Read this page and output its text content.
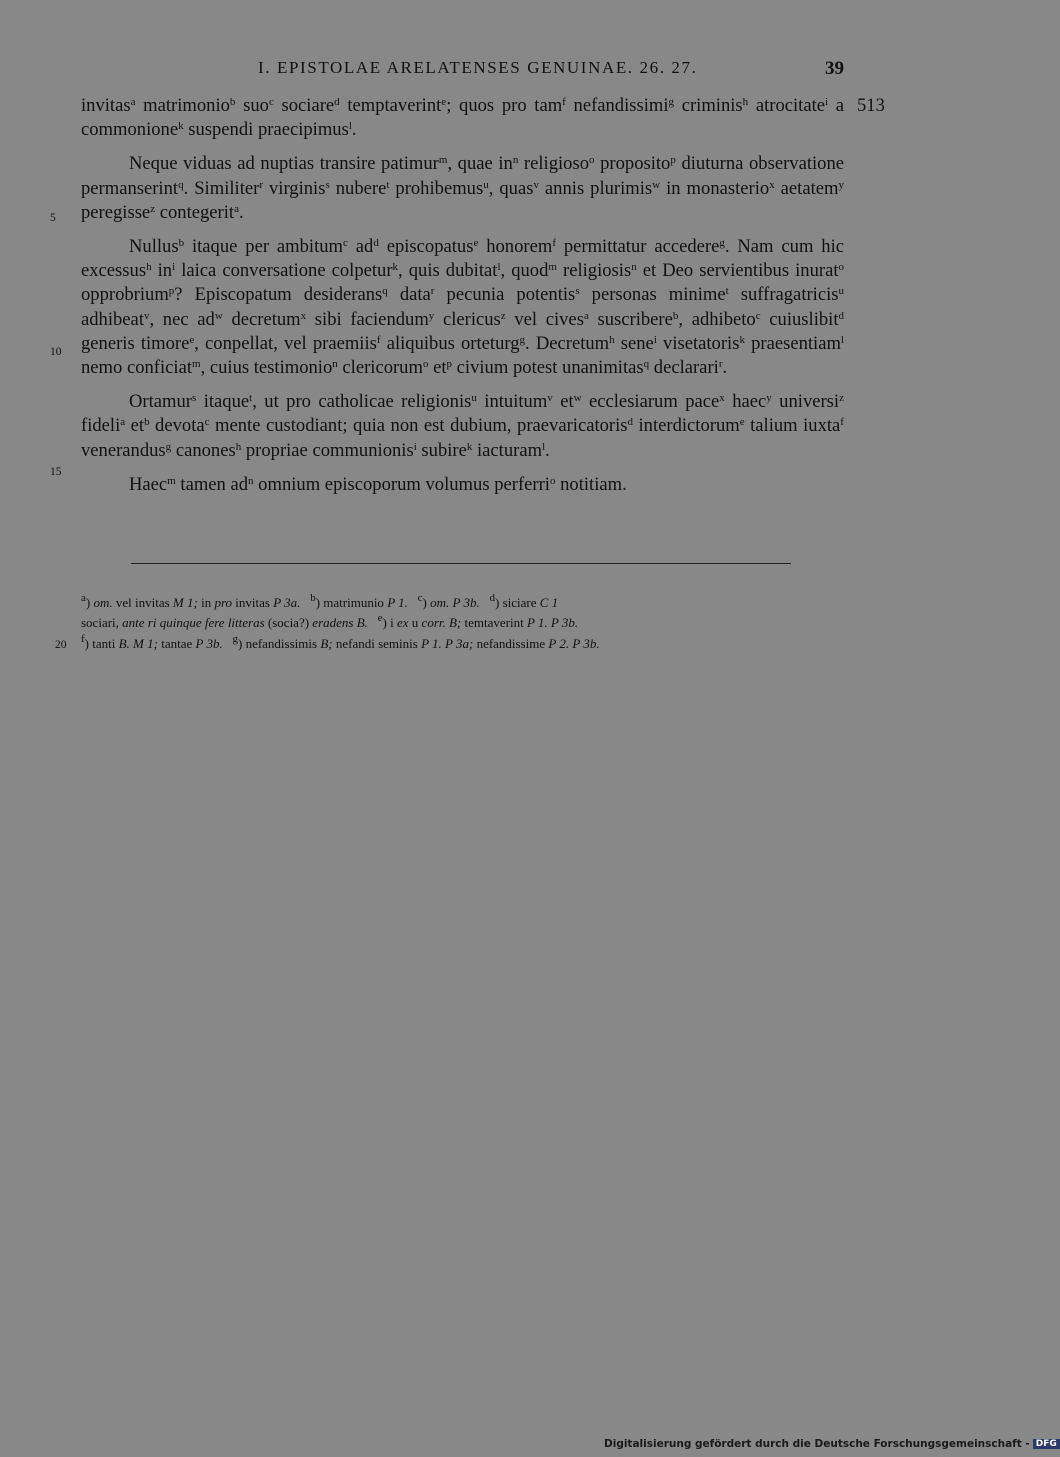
I. EPISTOLAE ARELATENSES GENUINAE. 26. 27.	39
513
5
10
15

invitas$^a$ matrimonio$^b$ suo$^c$ sociare$^d$ temptaverint$^e$; quos pro tam$^f$ nefandissimi$^g$ criminis$^h$ atrocitate$^i$ a commonione$^k$ suspendi praecipimus$^l$.

Neque viduas ad nuptias transire patimur$^m$, quae $in^n$ religioso$^o$ proposito$^p$ diuturna observatione permanserint$^q$. Similiter$^r$ virginis$^s$ nubere$^t$ prohibemus$^u$, quas$^v$ annis plurimis$^w$ in monasterio$^x$ aetatem$^y$ peregisse$^z$ contegerit$^a$.

Nullus$^b$ itaque per ambitum$^c$ $ad^d$ episcopatus$^e$ honorem$^f$ permittatur accedere$^g$. Nam cum hic excessus$^h$ $in^i$ laica conversatione colpetur$^k$, quis dubitat$^l$, quod$^m$ religiosis$^n$ et Deo servientibus inurat$^o$ opprobrium$^p$? Episcopatum desiderans$^q$ data$^r$ pecunia potentis$^s$ personas minime$^t$ suffragatricis$^u$ adhibeat$^v$, nec $ad^w$ decretum$^x$ sibi faciendum$^y$ clericus$^z$ vel cives$^a$ suscribere$^b$, adhibeto$^c$ cuiuslibit$^d$ generis timore$^e$, conpellat, vel praemiis$^f$ aliquibus orteturg$^g$. Decretum$^h$ sene$^i$ visetatoris$^k$ praesentiam$^l$ nemo conficiat$^m$, cuius testimonio$^n$ clericorum$^o$ $et^p$ civium potest unanimitas$^q$ declarari$^r$.

Ortamur$^s$ itaque$^t$, ut pro catholicae religionis$^u$ intuitum$^v$ $et^w$ ecclesiarum pace$^x$ haec$^y$ universi$^z$ fideli$^a$ $et^b$ devota$^c$ mente custodiant; quia non est dubium, praevaricatoris$^d$ interdictorum$^e$ talium iuxta$^f$ venerandus$^g$ canones$^h$ propriae communionis$^i$ subire$^k$ iacturam$^l$.

Haec$^m$ tamen $ad^n$ omnium episcoporum volumus perferri$^o$ notitiam.

20
$^a$) om. vel invitas M 1; in pro invitas P 3a. $^b$) matrimunio P 1. $^c$) om. P 3b. $^d$) siciare C 1
sociari, ante ri quinque fere litteras (socia?) eradens B. $^e$) i ex u corr. B; temtaverint P 1. P 3b.
$^f$) tanti B. M 1; tantae P 3b. $^g$) nefandissimis B; nefandi seminis P 1. P 3a; nefandissime P 2. P 3b.
Digitalisierung gefördert durch die Deutsche Forschungsgemeinschaft - DFG
